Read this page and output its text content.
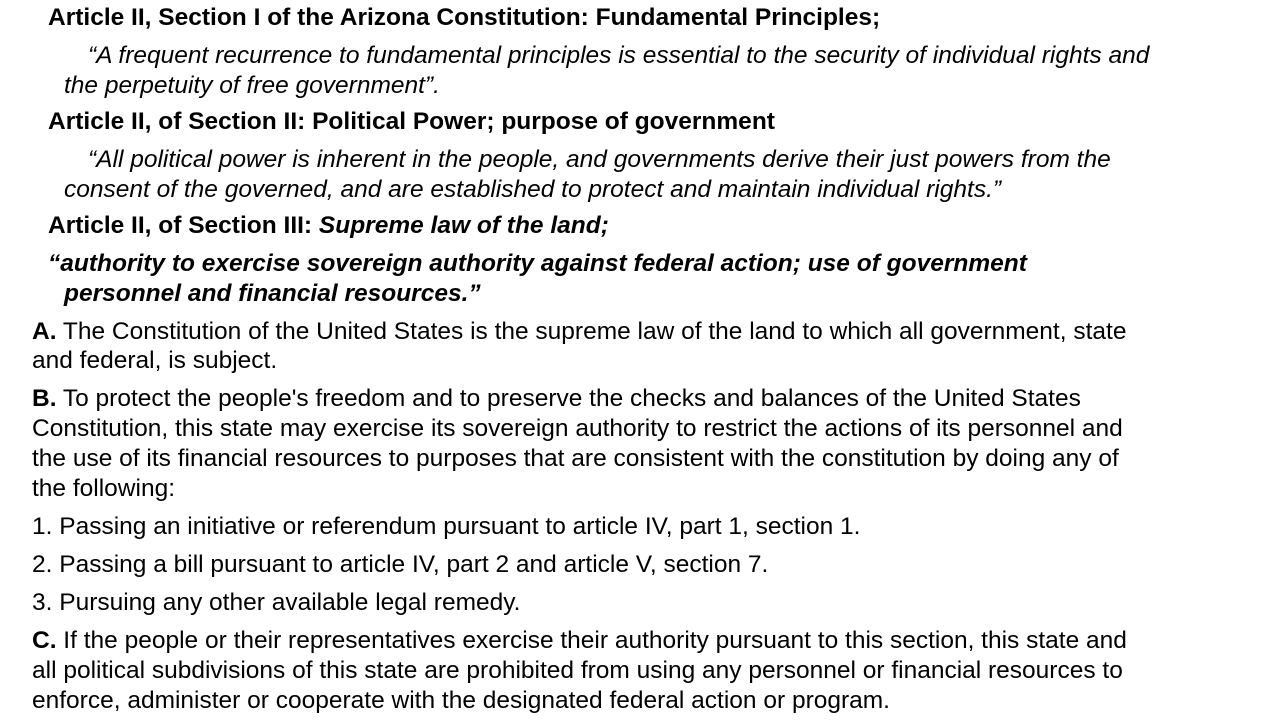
Article II, Section I of the Arizona Constitution: Fundamental Principles;
“A frequent recurrence to fundamental principles is essential to the security of individual rights and
the perpetuity of free government”.
Article II, of Section II: Political Power; purpose of government
“All political power is inherent in the people, and governments derive their just powers from the
consent of the governed, and are established to protect and maintain individual rights.”
Article II, of Section III: Supreme law of the land;
“authority to exercise sovereign authority against federal action; use of government
personnel and financial resources.”
A. The Constitution of the United States is the supreme law of the land to which all government, state
and federal, is subject.
B. To protect the people's freedom and to preserve the checks and balances of the United States
Constitution, this state may exercise its sovereign authority to restrict the actions of its personnel and
the use of its financial resources to purposes that are consistent with the constitution by doing any of
the following:
1. Passing an initiative or referendum pursuant to article IV, part 1, section 1.
2. Passing a bill pursuant to article IV, part 2 and article V, section 7.
3. Pursuing any other available legal remedy.
C. If the people or their representatives exercise their authority pursuant to this section, this state and
all political subdivisions of this state are prohibited from using any personnel or financial resources to
enforce, administer or cooperate with the designated federal action or program.
